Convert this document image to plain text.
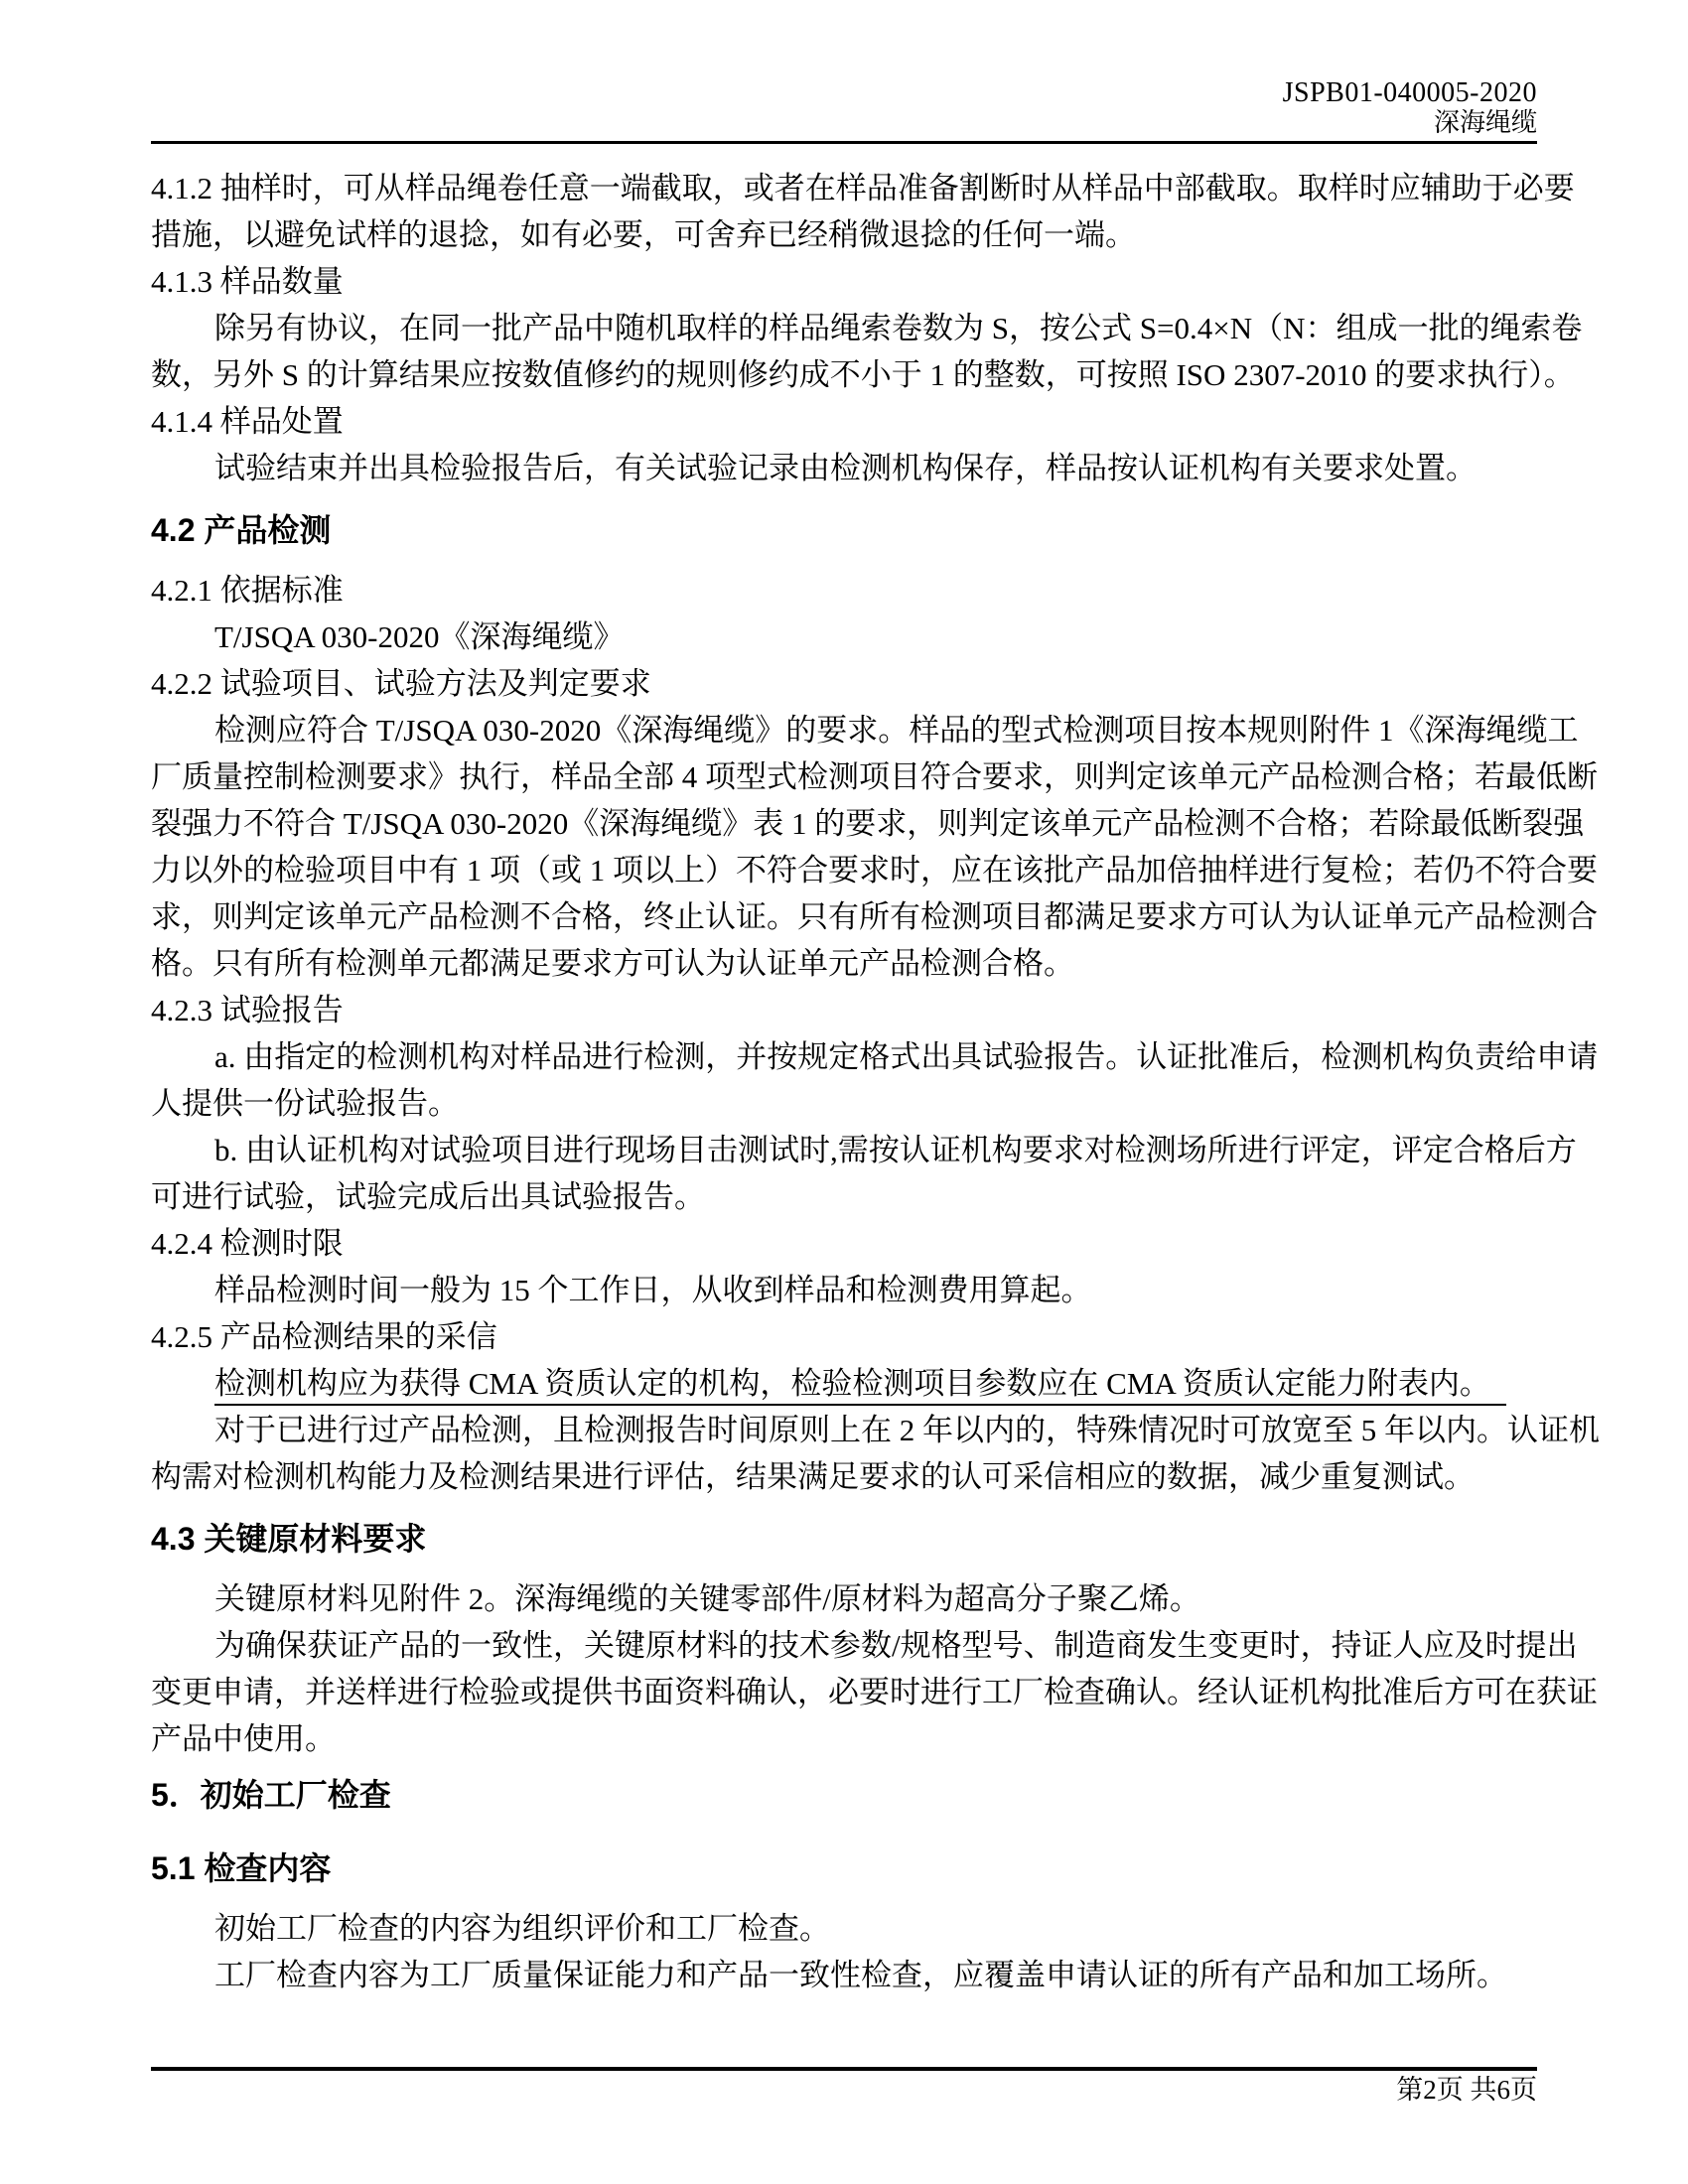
JSPB01-040005-2020
深海绳缆
4.1.2 抽样时，可从样品绳卷任意一端截取，或者在样品准备割断时从样品中部截取。取样时应辅助于必要
措施，以避免试样的退捻，如有必要，可舍弃已经稍微退捻的任何一端。
4.1.3 样品数量
除另有协议，在同一批产品中随机取样的样品绳索卷数为 S，按公式 S=0.4×N（N：组成一批的绳索卷
数，另外 S 的计算结果应按数值修约的规则修约成不小于 1 的整数，可按照 ISO 2307-2010 的要求执行）。
4.1.4 样品处置
试验结束并出具检验报告后，有关试验记录由检测机构保存，样品按认证机构有关要求处置。
4.2 产品检测
4.2.1 依据标准
T/JSQA 030-2020《深海绳缆》
4.2.2 试验项目、试验方法及判定要求
检测应符合 T/JSQA 030-2020《深海绳缆》的要求。样品的型式检测项目按本规则附件 1《深海绳缆工
厂质量控制检测要求》执行，样品全部 4 项型式检测项目符合要求，则判定该单元产品检测合格；若最低断
裂强力不符合 T/JSQA 030-2020《深海绳缆》表 1 的要求，则判定该单元产品检测不合格；若除最低断裂强
力以外的检验项目中有 1 项（或 1 项以上）不符合要求时，应在该批产品加倍抽样进行复检；若仍不符合要
求，则判定该单元产品检测不合格，终止认证。只有所有检测项目都满足要求方可认为认证单元产品检测合
格。只有所有检测单元都满足要求方可认为认证单元产品检测合格。
4.2.3 试验报告
a. 由指定的检测机构对样品进行检测，并按规定格式出具试验报告。认证批准后，检测机构负责给申请
人提供一份试验报告。
b. 由认证机构对试验项目进行现场目击测试时,需按认证机构要求对检测场所进行评定，评定合格后方
可进行试验，试验完成后出具试验报告。
4.2.4 检测时限
样品检测时间一般为 15 个工作日，从收到样品和检测费用算起。
4.2.5 产品检测结果的采信
检测机构应为获得 CMA 资质认定的机构，检验检测项目参数应在 CMA 资质认定能力附表内。
对于已进行过产品检测，且检测报告时间原则上在 2 年以内的，特殊情况时可放宽至 5 年以内。认证机
构需对检测机构能力及检测结果进行评估，结果满足要求的认可采信相应的数据，减少重复测试。
4.3 关键原材料要求
关键原材料见附件 2。深海绳缆的关键零部件/原材料为超高分子聚乙烯。
为确保获证产品的一致性，关键原材料的技术参数/规格型号、制造商发生变更时，持证人应及时提出
变更申请，并送样进行检验或提供书面资料确认，必要时进行工厂检查确认。经认证机构批准后方可在获证
产品中使用。
5．初始工厂检查
5.1 检查内容
初始工厂检查的内容为组织评价和工厂检查。
工厂检查内容为工厂质量保证能力和产品一致性检查，应覆盖申请认证的所有产品和加工场所。
第2页 共6页
